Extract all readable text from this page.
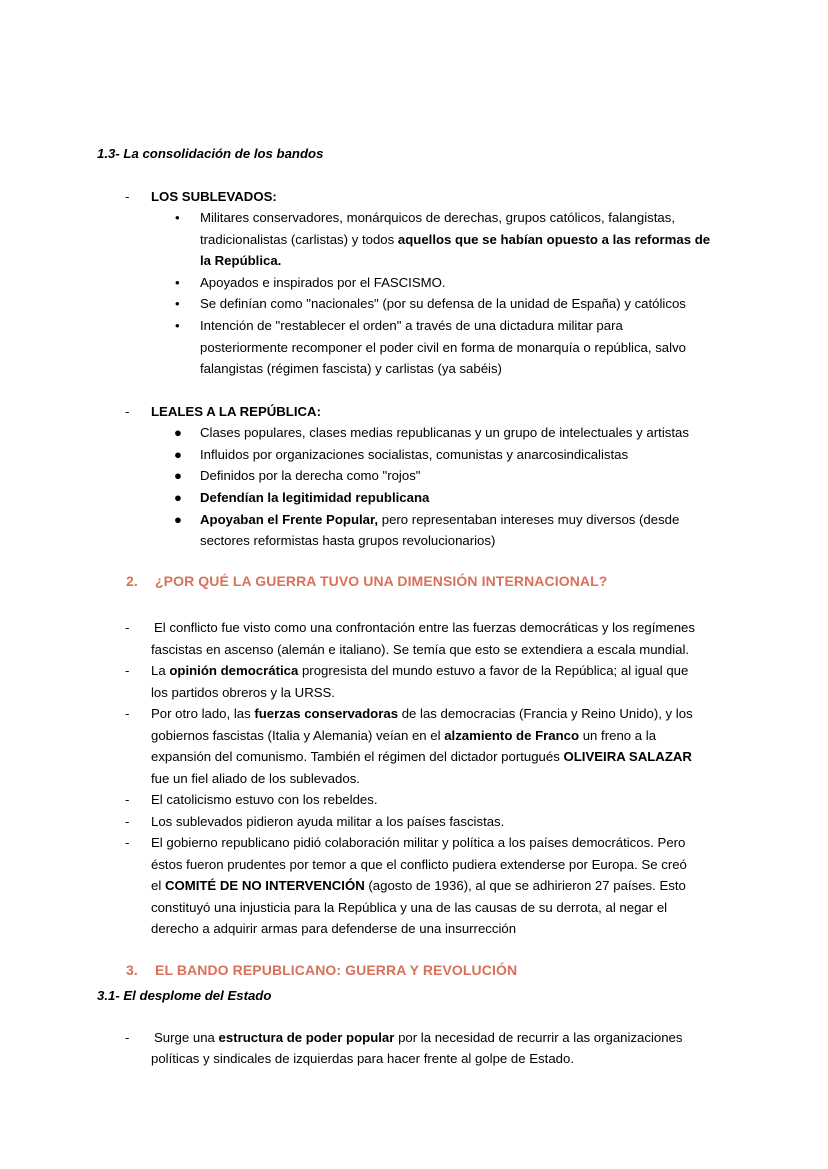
1.3- La consolidación de los bandos
- LOS SUBLEVADOS:
• Militares conservadores, monárquicos de derechas, grupos católicos, falangistas,
tradicionalistas (carlistas) y todos aquellos que se habían opuesto a las reformas de
la República.
• Apoyados e inspirados por el FASCISMO.
• Se definían como "nacionales" (por su defensa de la unidad de España) y católicos
• Intención de "restablecer el orden" a través de una dictadura militar para
posteriormente recomponer el poder civil en forma de monarquía o república, salvo
falangistas (régimen fascista) y carlistas (ya sabéis)
- LEALES A LA REPÚBLICA:
● Clases populares, clases medias republicanas y un grupo de intelectuales y artistas
● Influidos por organizaciones socialistas, comunistas y anarcosindicalistas
● Definidos por la derecha como "rojos"
● Defendían la legitimidad republicana
● Apoyaban el Frente Popular, pero representaban intereses muy diversos (desde
sectores reformistas hasta grupos revolucionarios)
2. ¿POR QUÉ LA GUERRA TUVO UNA DIMENSIÓN INTERNACIONAL?
- El conflicto fue visto como una confrontación entre las fuerzas democráticas y los regímenes
fascistas en ascenso (alemán e italiano). Se temía que esto se extendiera a escala mundial.
- La opinión democrática progresista del mundo estuvo a favor de la República; al igual que
los partidos obreros y la URSS.
- Por otro lado, las fuerzas conservadoras de las democracias (Francia y Reino Unido), y los
gobiernos fascistas (Italia y Alemania) veían en el alzamiento de Franco un freno a la
expansión del comunismo. También el régimen del dictador portugués OLIVEIRA SALAZAR
fue un fiel aliado de los sublevados.
- El catolicismo estuvo con los rebeldes.
- Los sublevados pidieron ayuda militar a los países fascistas.
- El gobierno republicano pidió colaboración militar y política a los países democráticos. Pero
éstos fueron prudentes por temor a que el conflicto pudiera extenderse por Europa. Se creó
el COMITÉ DE NO INTERVENCIÓN (agosto de 1936), al que se adhirieron 27 países. Esto
constituyó una injusticia para la República y una de las causas de su derrota, al negar el
derecho a adquirir armas para defenderse de una insurrección
3. EL BANDO REPUBLICANO: GUERRA Y REVOLUCIÓN
3.1- El desplome del Estado
- Surge una estructura de poder popular por la necesidad de recurrir a las organizaciones
políticas y sindicales de izquierdas para hacer frente al golpe de Estado.
